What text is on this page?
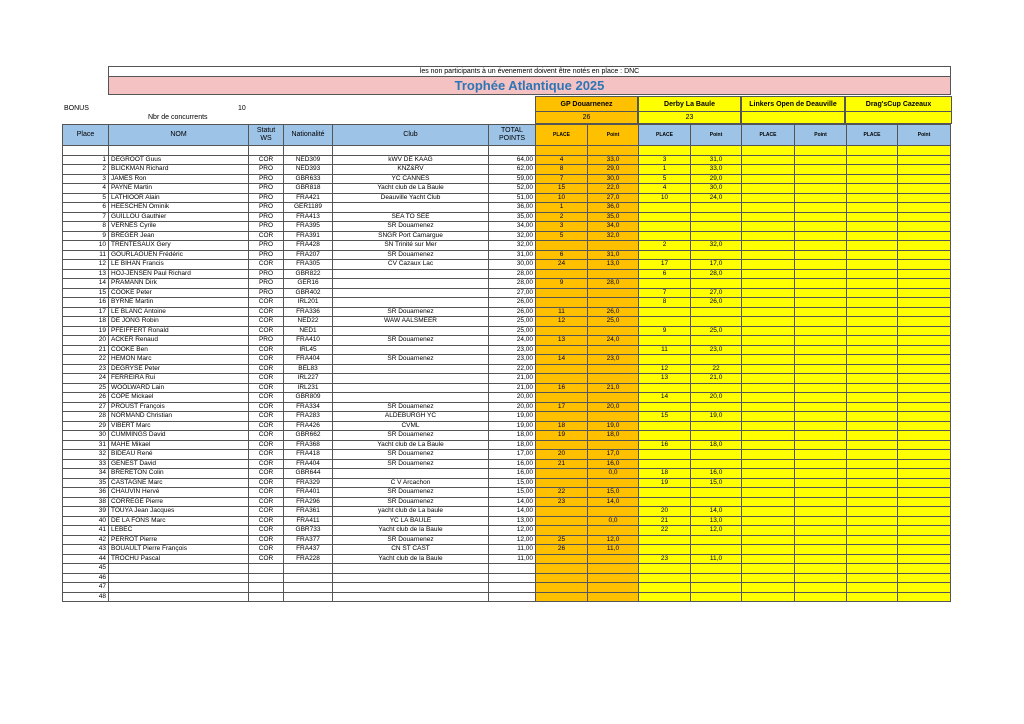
les non participants à un évenement doivent être notés en place : DNC
Trophée Atlantique 2025
BONUS	10
Nbr de concurrents
GP Douarnenez
26
Derby La Baule
23
Linkers Open de Deauville	Drag'sCup Cazeaux
Place	NOM	Statut WS	Nationalité	Club	TOTAL POINTS	PLACE	Point	PLACE	Point	PLACE	Point	PLACE	Point

1	DEGROOT Guus	COR	NED309	kWV DE KAAG	64,00	4	33,0	3	31,0				
2	BLICKMAN Richard	PRO	NED393	KNZ&RV	62,00	8	29,0	1	33,0				
3	JAMES Ron	PRO	GBR633	YC CANNES	59,00	7	30,0	5	29,0				
4	PAYNE Martin	PRO	GBR818	Yacht club de La Baule	52,00	15	22,0	4	30,0				
5	LATHIOOR Alain	PRO	FRA421	Deauville Yacht Club	51,00	10	27,0	10	24,0				
6	HEESCHEN Ominik	PRO	GER1189		36,00	1	36,0						
7	GUILLOU Gauthier	PRO	FRA413	SEA TO SEE	35,00	2	35,0						
8	VERNES Cyrile	PRO	FRA395	SR Douarnenez	34,00	3	34,0						
9	BREGER Jean	COR	FRA391	SNGR Port Camargue	32,00	5	32,0						
10	TRENTESAUX Gery	PRO	FRA428	SN Trinité sur Mer	32,00			2	32,0				
11	GOURLAOUEN Frédéric	PRO	FRA207	SR Douarnenez	31,00	6	31,0						
12	LE BIHAN Francis	COR	FRA305	CV Cazaux Lac	30,00	24	13,0	17	17,0				
13	HOJ-JENSEN Paul Richard	PRO	GBR822		28,00			6	28,0				
14	PRAMANN Dirk	PRO	GER16		28,00	9	28,0						
15	COOKE Peter	PRO	GBR402		27,00			7	27,0				
16	BYRNE Martin	COR	IRL201		26,00			8	26,0				
17	LE BLANC Antoine	COR	FRA336	SR Douarnenez	26,00	11	26,0						
18	DE JONG Robin	COR	NED22	WAW AALSMEER	25,00	12	25,0						
19	PFEIFFERT Ronald	COR	NED1		25,00			9	25,0				
20	ACKER Renaud	PRO	FRA410	SR Douarnenez	24,00	13	24,0						
21	COOKE Ben	COR	IRL45		23,00			11	23,0				
22	HEMON Marc	COR	FRA404	SR Douarnenez	23,00	14	23,0						
23	DEGRYSE Peter	COR	BEL83		22,00			12	22				
24	FERREIRA Rui	COR	IRL227		21,00			13	21,0				
25	WOOLWARD Lain	COR	IRL231		21,00	16	21,0						
26	COPE Mickael	COR	GBR809		20,00			14	20,0				
27	PROUST François	COR	FRA334	SR Douarnenez	20,00	17	20,0						
28	NORMAND Christian	COR	FRA283	ALDEBURGH YC	19,00			15	19,0				
29	VIBERT Marc	COR	FRA426	CVML	19,00	18	19,0						
30	CUMMINGS David	COR	GBR662	SR Douarnenez	18,00	19	18,0						
31	MAHE Mikael	COR	FRA368	Yacht club de La Baule	18,00			16	18,0				
32	BIDEAU René	COR	FRA418	SR Douarnenez	17,00	20	17,0						
33	GENEST David	COR	FRA404	SR Douarnenez	16,00	21	16,0						
34	BRERETON Colin	COR	GBR644		16,00		0,0	18	16,0				
35	CASTAGNE Marc	COR	FRA329	C V Arcachon	15,00			19	15,0				
36	CHAUVIN Hervé	COR	FRA401	SR Douarnenez	15,00	22	15,0						
38	CORREGE Pierre	COR	FRA296	SR Douarnenez	14,00	23	14,0						
39	TOUYA Jean Jacques	COR	FRA361	yacht club de La baule	14,00			20	14,0				
40	DE LA FONS Marc	COR	FRA411	YC LA BAULE	13,00		0,0	21	13,0				
41	LEBEC	COR	GBR733	Yacht club de la Baule	12,00			22	12,0				
42	PERROT Pierre	COR	FRA377	SR Douarnenez	12,00	25	12,0						
43	BOUAULT Pierre François	COR	FRA437	CN ST CAST	11,00	26	11,0						
44	TROCHU Pascal	COR	FRA228	Yacht club de la Baule	11,00			23	11,0				
45													
46													
47													
48													
